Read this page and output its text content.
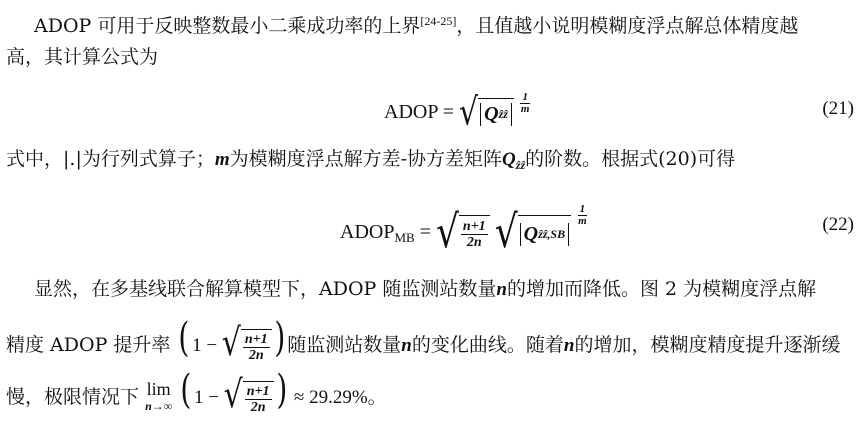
ADOP 可用于反映整数最小二乘成功率的上界[24-25]，且值越小说明模糊度浮点解总体精度越
高，其计算公式为
ADOP = √ Q ẑẑ
$\frac{1}{m}$	(21)
式中，|.|为行列式算子；m为模糊度浮点解方差-协方差矩阵$Q_{ẑẑ}$的阶数。根据式(20)可得
$ADOP_{MB}$ = √ $\frac{n+1}{2n}$
√ Q ẑẑ,SB

$\frac{1}{m}$	(22)
显然，在多基线联合解算模型下，ADOP 随监测站数量n的增加而降低。图 2 为模糊度浮点解
精度 ADOP 提升率 ( 1 − √ $\frac{n+1}{2n}$ ) 随监测站数量n的变化曲线。随着n的增加，模糊度精度提升逐渐缓
慢，极限情况下 lim
n→∞ ( 1 − √ $\frac{n+1}{2n}$ ) ≈ 29.29%。
